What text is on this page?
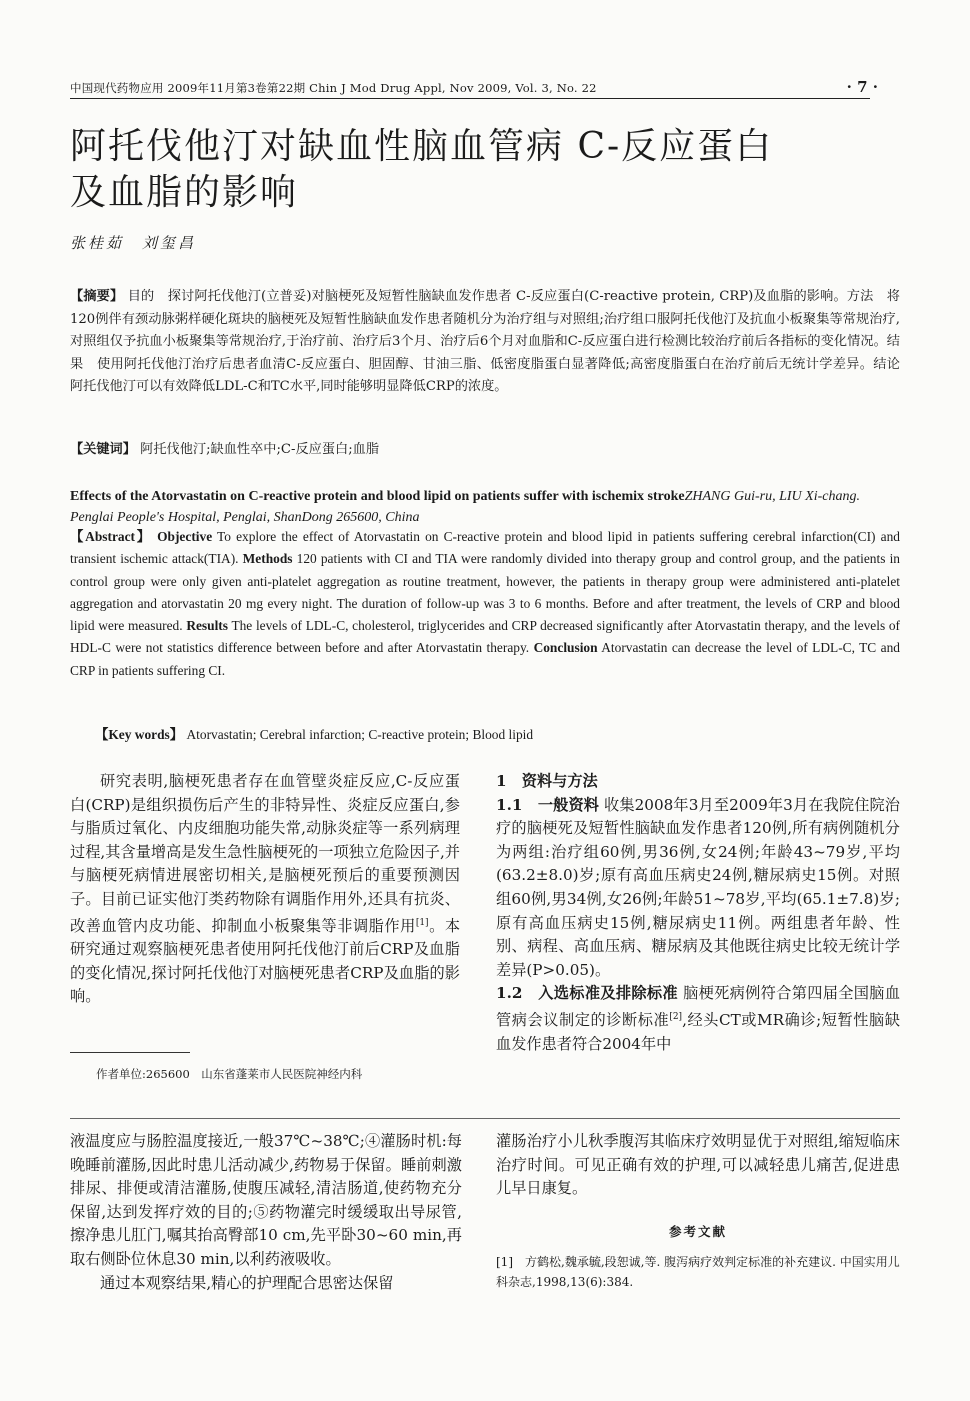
中国现代药物应用 2009年11月第3卷第22期 Chin J Mod Drug Appl, Nov 2009, Vol. 3, No. 22	· 7 ·
阿托伐他汀对缺血性脑血管病 C-反应蛋白及血脂的影响
张桂茹　刘玺昌
【摘要】 目的　探讨阿托伐他汀(立普妥)对脑梗死及短暂性脑缺血发作患者 C-反应蛋白(C-reactive protein, CRP)及血脂的影响。方法　将120例伴有颈动脉粥样硬化斑块的脑梗死及短暂性脑缺血发作患者随机分为治疗组与对照组;治疗组口服阿托伐他汀及抗血小板聚集等常规治疗,对照组仅予抗血小板聚集等常规治疗,于治疗前、治疗后3个月、治疗后6个月对血脂和C-反应蛋白进行检测比较治疗前后各指标的变化情况。结果　使用阿托伐他汀治疗后患者血清C-反应蛋白、胆固醇、甘油三脂、低密度脂蛋白显著降低;高密度脂蛋白在治疗前后无统计学差异。结论　阿托伐他汀可以有效降低LDL-C和TC水平,同时能够明显降低CRP的浓度。
【关键词】 阿托伐他汀;缺血性卒中;C-反应蛋白;血脂
Effects of the Atorvastatin on C-reactive protein and blood lipid on patients suffer with ischemix strokeZHANG Gui-ru, LIU Xi-chang. Penglai People's Hospital, Penglai, ShanDong 265600, China
【Abstract】 Objective To explore the effect of Atorvastatin on C-reactive protein and blood lipid in patients suffering cerebral infarction(CI) and transient ischemic attack(TIA). Methods 120 patients with CI and TIA were randomly divided into therapy group and control group, and the patients in control group were only given anti-platelet aggregation as routine treatment, however, the patients in therapy group were administered anti-platelet aggregation and atorvastatin 20 mg every night. The duration of follow-up was 3 to 6 months. Before and after treatment, the levels of CRP and blood lipid were measured. Results The levels of LDL-C, cholesterol, triglycerides and CRP decreased significantly after Atorvastatin therapy, and the levels of HDL-C were not statistics difference between before and after Atorvastatin therapy. Conclusion Atorvastatin can decrease the level of LDL-C, TC and CRP in patients suffering CI.
【Key words】 Atorvastatin; Cerebral infarction; C-reactive protein; Blood lipid
研究表明,脑梗死患者存在血管壁炎症反应,C-反应蛋白(CRP)是组织损伤后产生的非特异性、炎症反应蛋白,参与脂质过氧化、内皮细胞功能失常,动脉炎症等一系列病理过程,其含量增高是发生急性脑梗死的一项独立危险因子,并与脑梗死病情进展密切相关,是脑梗死预后的重要预测因子。目前已证实他汀类药物除有调脂作用外,还具有抗炎、改善血管内皮功能、抑制血小板聚集等非调脂作用[1]。本研究通过观察脑梗死患者使用阿托伐他汀前后CRP及血脂的变化情况,探讨阿托伐他汀对脑梗死患者CRP及血脂的影响。
1　资料与方法
1.1　一般资料 收集2008年3月至2009年3月在我院住院治疗的脑梗死及短暂性脑缺血发作患者120例,所有病例随机分为两组:治疗组60例,男36例,女24例;年龄43~79岁,平均(63.2±8.0)岁;原有高血压病史24例,糖尿病史15例。对照组60例,男34例,女26例;年龄51~78岁,平均(65.1±7.8)岁;原有高血压病史15例,糖尿病史11例。两组患者年龄、性别、病程、高血压病、糖尿病及其他既往病史比较无统计学差异(P>0.05)。
1.2　入选标准及排除标准 脑梗死病例符合第四届全国脑血管病会议制定的诊断标准[2],经头CT或MR确诊;短暂性脑缺血发作患者符合2004年中
作者单位:265600　山东省蓬莱市人民医院神经内科
液温度应与肠腔温度接近,一般37℃~38℃;④灌肠时机:每晚睡前灌肠,因此时患儿活动减少,药物易于保留。睡前刺激排尿、排便或清洁灌肠,使腹压减轻,清洁肠道,使药物充分保留,达到发挥疗效的目的;⑤药物灌完时缓缓取出导尿管,擦净患儿肛门,嘱其抬高臀部10 cm,先平卧30~60 min,再取右侧卧位休息30 min,以利药液吸收。
通过本观察结果,精心的护理配合思密达保留
灌肠治疗小儿秋季腹泻其临床疗效明显优于对照组,缩短临床治疗时间。可见正确有效的护理,可以减轻患儿痛苦,促进患儿早日康复。
参考文献
[1]　方鹤松,魏承毓,段恕诚,等. 腹泻病疗效判定标准的补充建议. 中国实用儿科杂志,1998,13(6):384.
